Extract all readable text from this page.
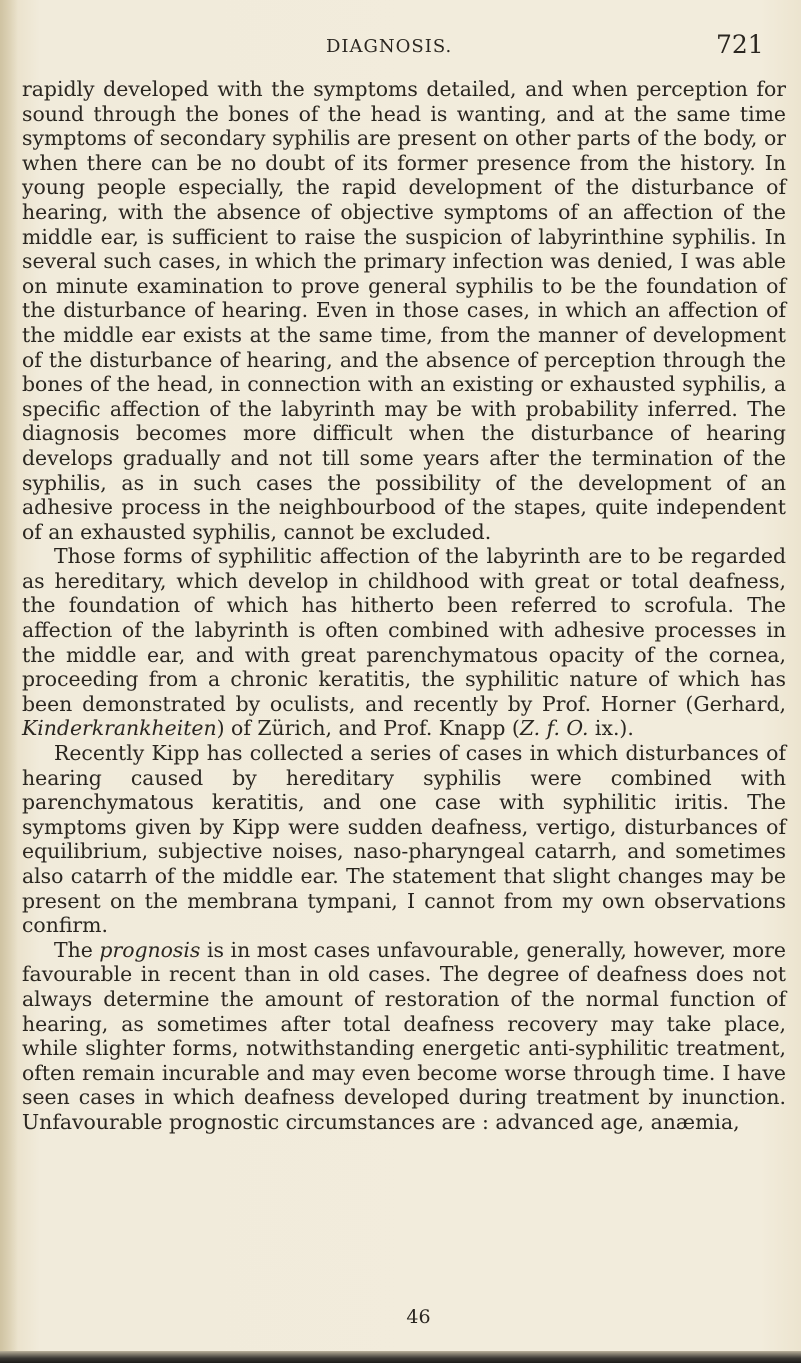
DIAGNOSIS.	721

rapidly developed with the symptoms detailed, and when perception for sound through the bones of the head is wanting, and at the same time symptoms of secondary syphilis are present on other parts of the body, or when there can be no doubt of its former presence from the history. In young people especially, the rapid development of the disturbance of hearing, with the absence of objective symptoms of an affection of the middle ear, is sufficient to raise the suspicion of labyrinthine syphilis. In several such cases, in which the primary infection was denied, I was able on minute examination to prove general syphilis to be the foundation of the disturbance of hearing. Even in those cases, in which an affection of the middle ear exists at the same time, from the manner of development of the disturbance of hearing, and the absence of perception through the bones of the head, in connection with an existing or exhausted syphilis, a specific affection of the labyrinth may be with probability inferred. The diagnosis becomes more difficult when the disturbance of hearing develops gradually and not till some years after the termination of the syphilis, as in such cases the possibility of the development of an adhesive process in the neighbourbood of the stapes, quite independent of an exhausted syphilis, cannot be excluded.

Those forms of syphilitic affection of the labyrinth are to be regarded as hereditary, which develop in childhood with great or total deafness, the foundation of which has hitherto been referred to scrofula. The affection of the labyrinth is often combined with adhesive processes in the middle ear, and with great parenchymatous opacity of the cornea, proceeding from a chronic keratitis, the syphilitic nature of which has been demonstrated by oculists, and recently by Prof. Horner (Gerhard, Kinderkrankheiten) of Zürich, and Prof. Knapp (Z. f. O. ix.).

Recently Kipp has collected a series of cases in which disturbances of hearing caused by hereditary syphilis were combined with parenchymatous keratitis, and one case with syphilitic iritis. The symptoms given by Kipp were sudden deafness, vertigo, disturbances of equilibrium, subjective noises, naso-pharyngeal catarrh, and sometimes also catarrh of the middle ear. The statement that slight changes may be present on the membrana tympani, I cannot from my own observations confirm.

The prognosis is in most cases unfavourable, generally, however, more favourable in recent than in old cases. The degree of deafness does not always determine the amount of restoration of the normal function of hearing, as sometimes after total deafness recovery may take place, while slighter forms, notwithstanding energetic anti-syphilitic treatment, often remain incurable and may even become worse through time. I have seen cases in which deafness developed during treatment by inunction. Unfavourable prognostic circumstances are : advanced age, anæmia,

46
